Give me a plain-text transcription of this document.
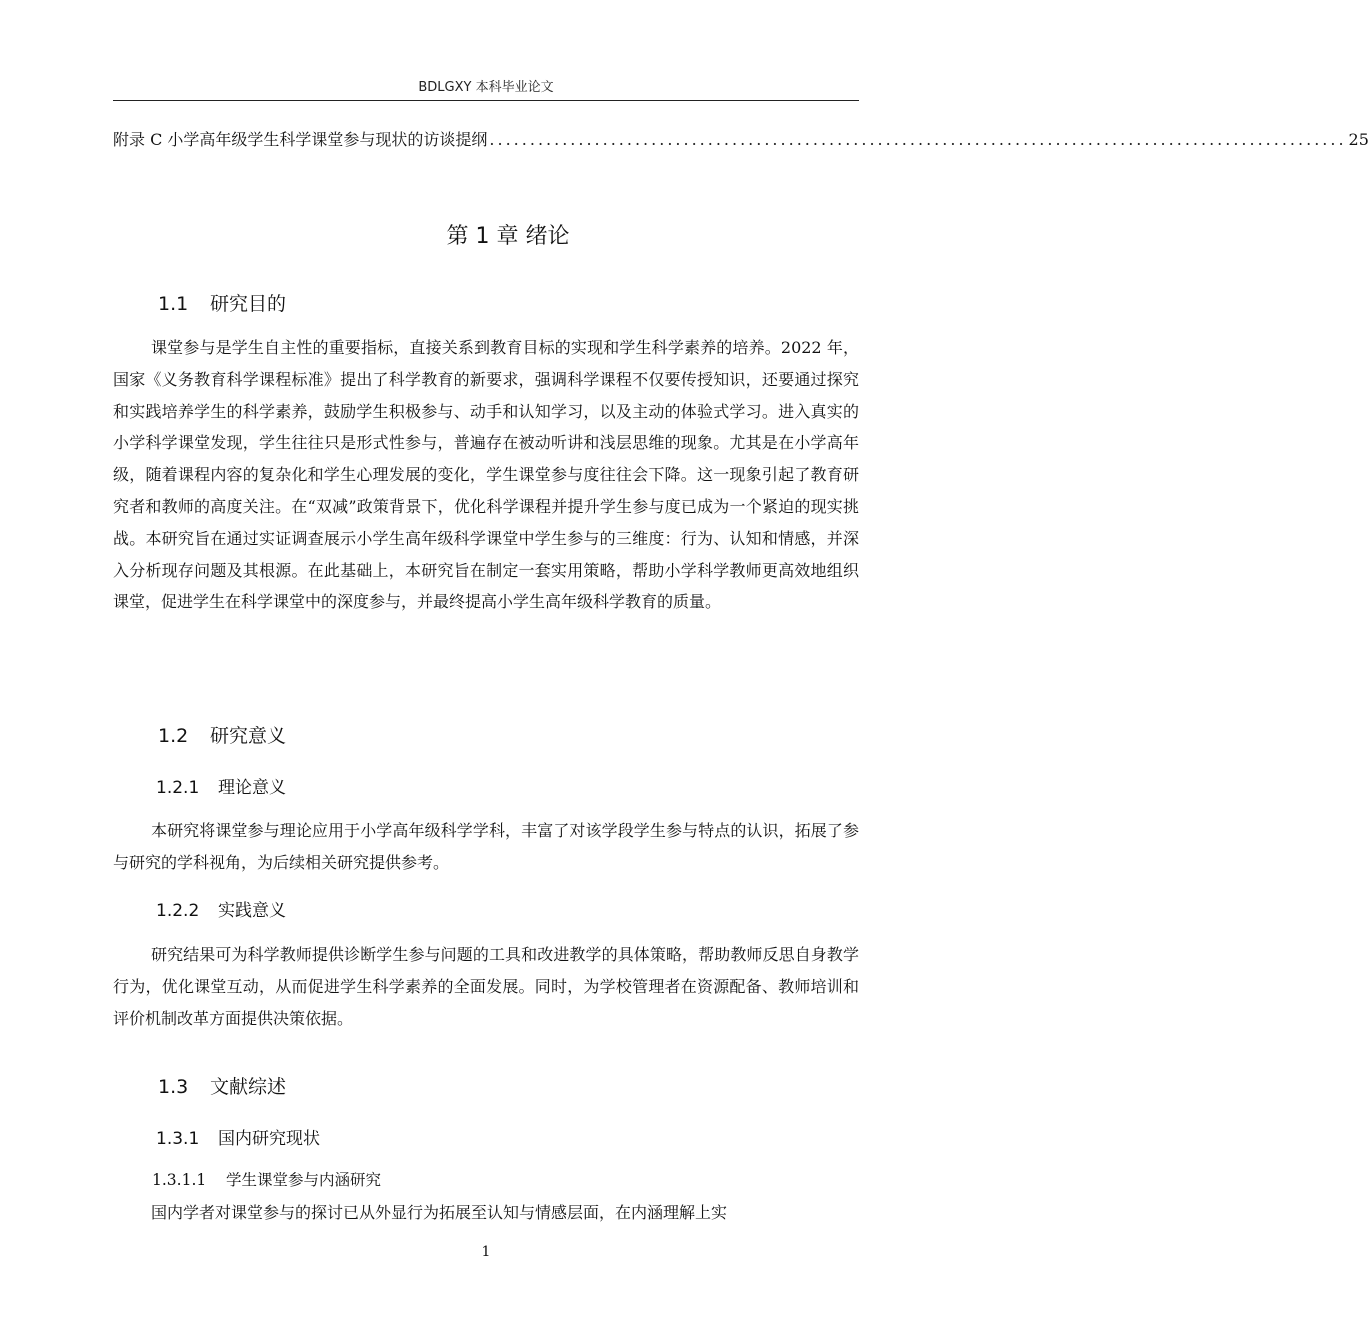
BDLGXY 本科毕业论文
附录 C 小学高年级学生科学课堂参与现状的访谈提纲 .......................................................................................................... 25
第 1 章 绪论
1.1 研究目的

课堂参与是学生自主性的重要指标，直接关系到教育目标的实现和学生科学素养的培养。2022 年，国家《义务教育科学课程标准》提出了科学教育的新要求，强调科学课程不仅要传授知识，还要通过探究和实践培养学生的科学素养，鼓励学生积极参与、动手和认知学习，以及主动的体验式学习。进入真实的小学科学课堂发现，学生往往只是形式性参与，普遍存在被动听讲和浅层思维的现象。尤其是在小学高年级，随着课程内容的复杂化和学生心理发展的变化，学生课堂参与度往往会下降。这一现象引起了教育研究者和教师的高度关注。在“双减”政策背景下，优化科学课程并提升学生参与度已成为一个紧迫的现实挑战。本研究旨在通过实证调查展示小学生高年级科学课堂中学生参与的三维度：行为、认知和情感，并深入分析现存问题及其根源。在此基础上，本研究旨在制定一套实用策略，帮助小学科学教师更高效地组织课堂，促进学生在科学课堂中的深度参与，并最终提高小学生高年级科学教育的质量。

1.2 研究意义
1.2.1 理论意义

本研究将课堂参与理论应用于小学高年级科学学科，丰富了对该学段学生参与特点的认识，拓展了参与研究的学科视角，为后续相关研究提供参考。

1.2.2 实践意义

研究结果可为科学教师提供诊断学生参与问题的工具和改进教学的具体策略，帮助教师反思自身教学行为，优化课堂互动，从而促进学生科学素养的全面发展。同时，为学校管理者在资源配备、教师培训和评价机制改革方面提供决策依据。

1.3 文献综述
1.3.1 国内研究现状
1.3.1.1 学生课堂参与内涵研究

国内学者对课堂参与的探讨已从外显行为拓展至认知与情感层面，在内涵理解上实

1
